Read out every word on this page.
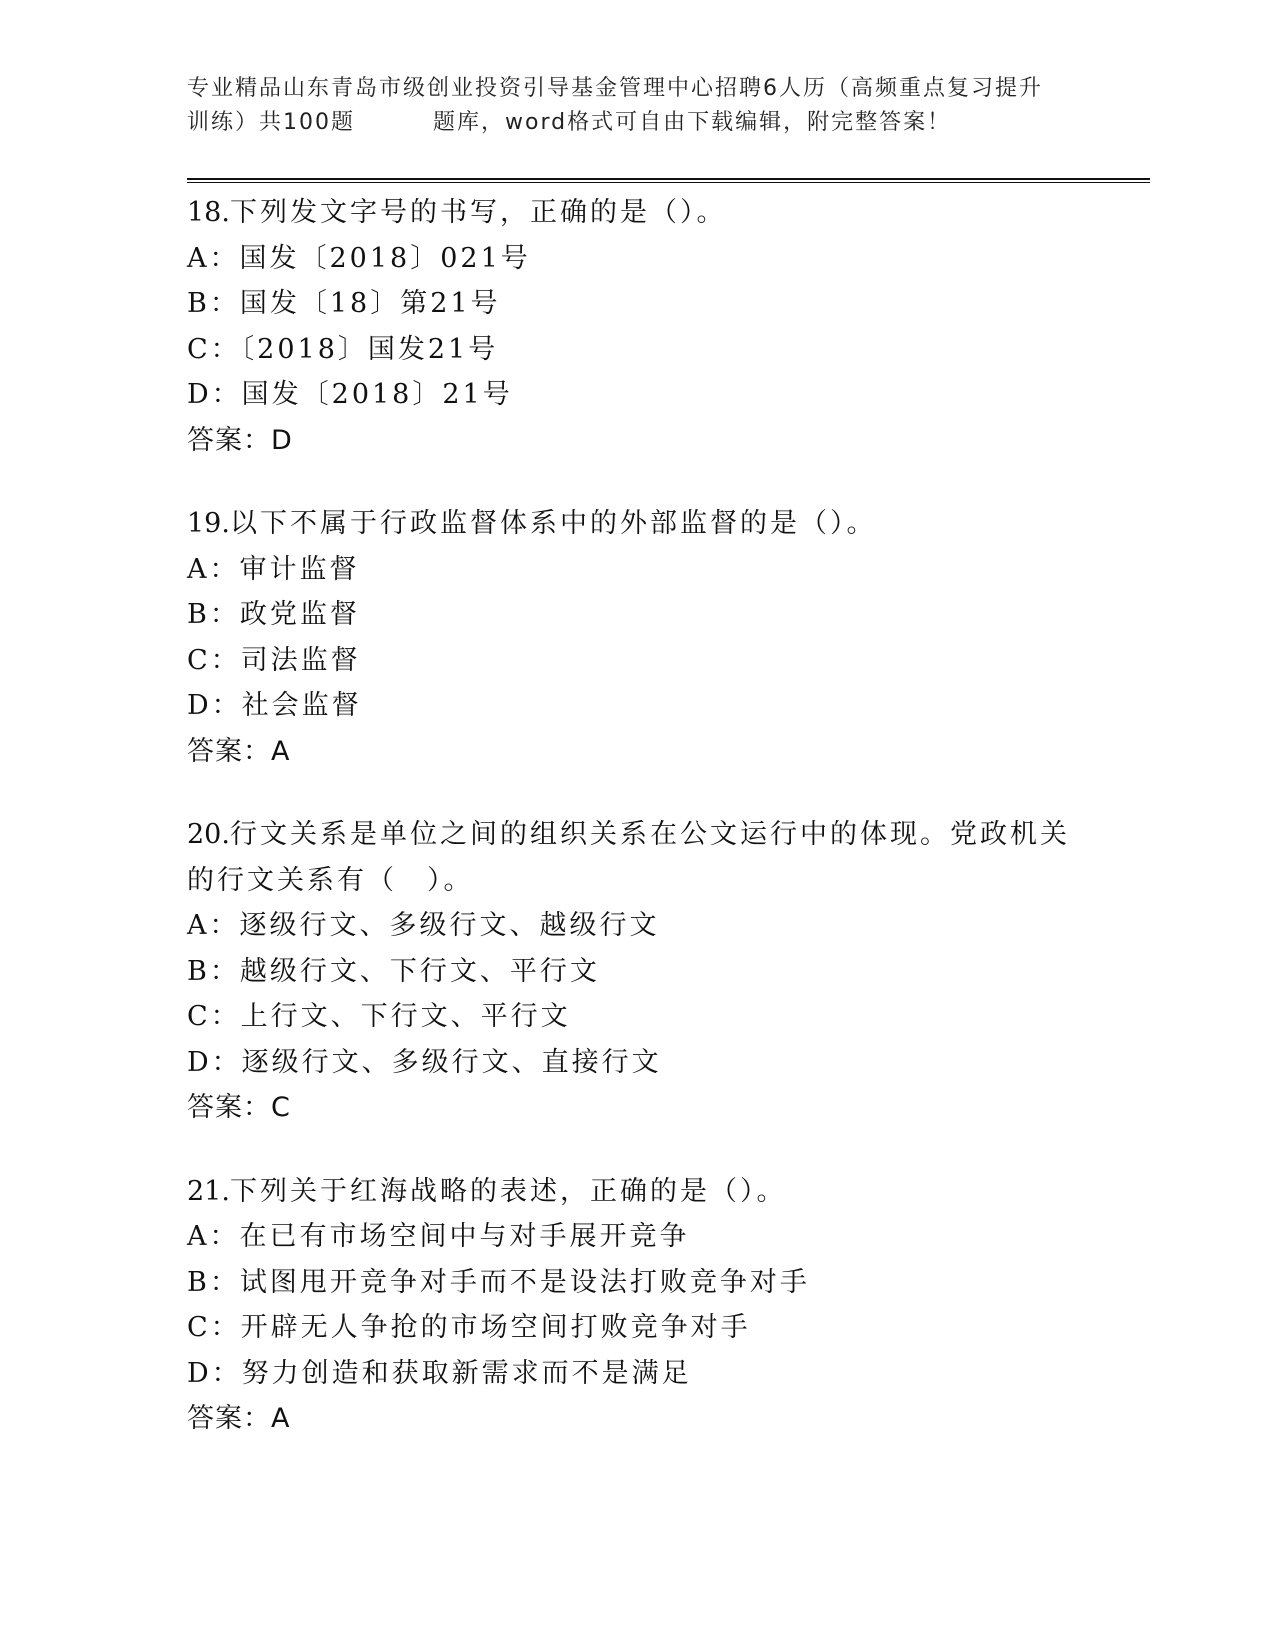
专业精品山东青岛市级创业投资引导基金管理中心招聘6人历（高频重点复习提升
训练）共100题	题库，word格式可自由下载编辑，附完整答案！
18.下列发文字号的书写，正确的是（）。
A：国发〔2018〕021号
B：国发〔18〕第21号
C：〔2018〕国发21号
D：国发〔2018〕21号
答案：D
19.以下不属于行政监督体系中的外部监督的是（）。
A：审计监督
B：政党监督
C：司法监督
D：社会监督
答案：A
20.行文关系是单位之间的组织关系在公文运行中的体现。党政机关的行文关系有（　）。
A：逐级行文、多级行文、越级行文
B：越级行文、下行文、平行文
C：上行文、下行文、平行文
D：逐级行文、多级行文、直接行文
答案：C
21.下列关于红海战略的表述，正确的是（）。
A：在已有市场空间中与对手展开竞争
B：试图甩开竞争对手而不是设法打败竞争对手
C：开辟无人争抢的市场空间打败竞争对手
D：努力创造和获取新需求而不是满足
答案：A
